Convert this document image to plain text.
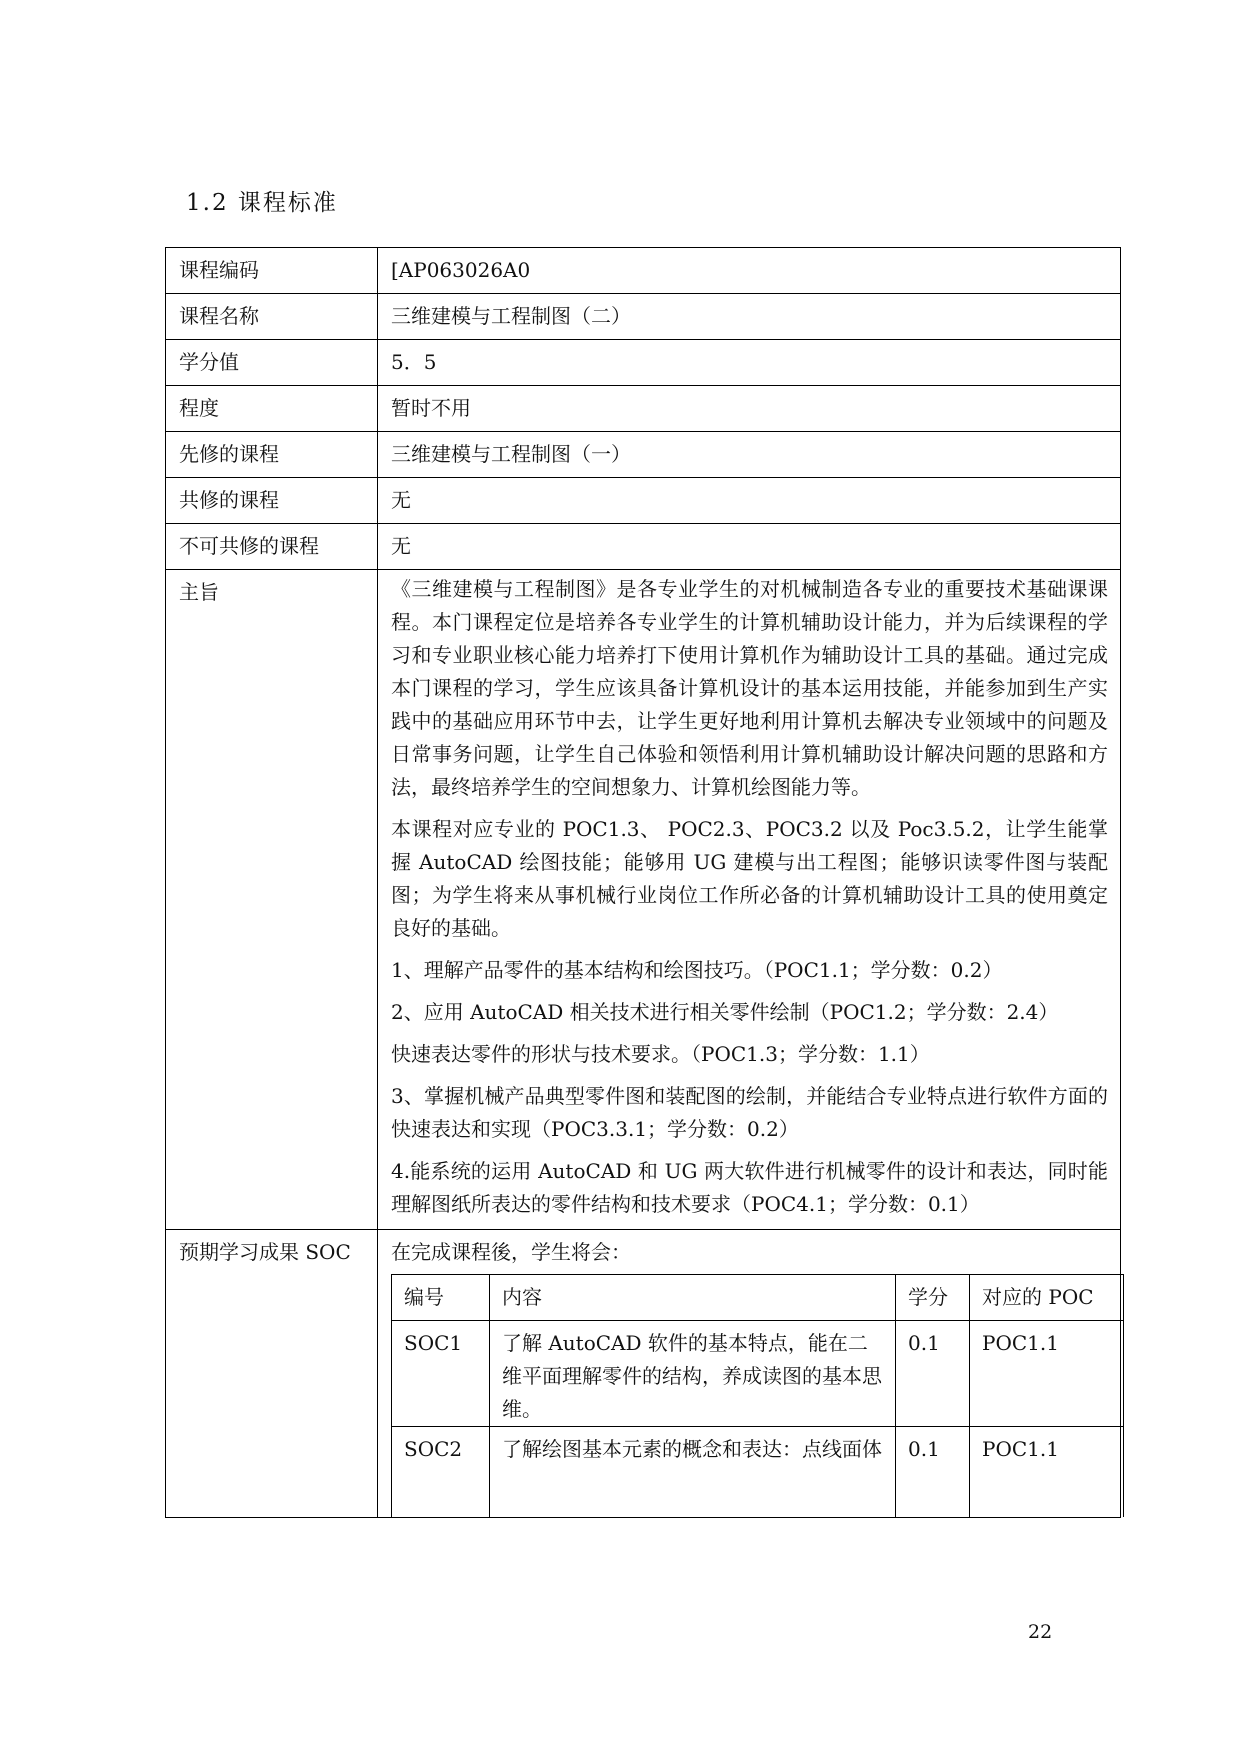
1.2 课程标准
课程编码	[AP063026A0
课程名称	三维建模与工程制图（二）
学分值	5．5
程度	暂时不用
先修的课程	三维建模与工程制图（一）
共修的课程	无
不可共修的课程	无
主旨	《三维建模与工程制图》是各专业学生的对机械制造各专业的重要技术基础课课程。本门课程定位是培养各专业学生的计算机辅助设计能力，并为后续课程的学习和专业职业核心能力培养打下使用计算机作为辅助设计工具的基础。通过完成本门课程的学习，学生应该具备计算机设计的基本运用技能，并能参加到生产实践中的基础应用环节中去，让学生更好地利用计算机去解决专业领域中的问题及日常事务问题，让学生自己体验和领悟利用计算机辅助设计解决问题的思路和方法，最终培养学生的空间想象力、计算机绘图能力等。

本课程对应专业的 POC1.3、 POC2.3、POC3.2 以及 Poc3.5.2，让学生能掌握 AutoCAD 绘图技能；能够用 UG 建模与出工程图；能够识读零件图与装配图；为学生将来从事机械行业岗位工作所必备的计算机辅助设计工具的使用奠定良好的基础。

1、理解产品零件的基本结构和绘图技巧。（POC1.1；学分数：0.2）

2、应用 AutoCAD 相关技术进行相关零件绘制（POC1.2；学分数：2.4）

快速表达零件的形状与技术要求。（POC1.3；学分数：1.1）

3、掌握机械产品典型零件图和装配图的绘制，并能结合专业特点进行软件方面的快速表达和实现（POC3.3.1；学分数：0.2）

4.能系统的运用 AutoCAD 和 UG 两大软件进行机械零件的设计和表达，同时能理解图纸所表达的零件结构和技术要求（POC4.1；学分数：0.1）

预期学习成果 SOC	在完成课程後，学生将会：

编号	内容	学分	对应的 POC
SOC1	了解 AutoCAD 软件的基本特点，能在二维平面理解零件的结构，养成读图的基本思维。	0.1	POC1.1
SOC2	了解绘图基本元素的概念和表达：点线面体	0.1	POC1.1
22
